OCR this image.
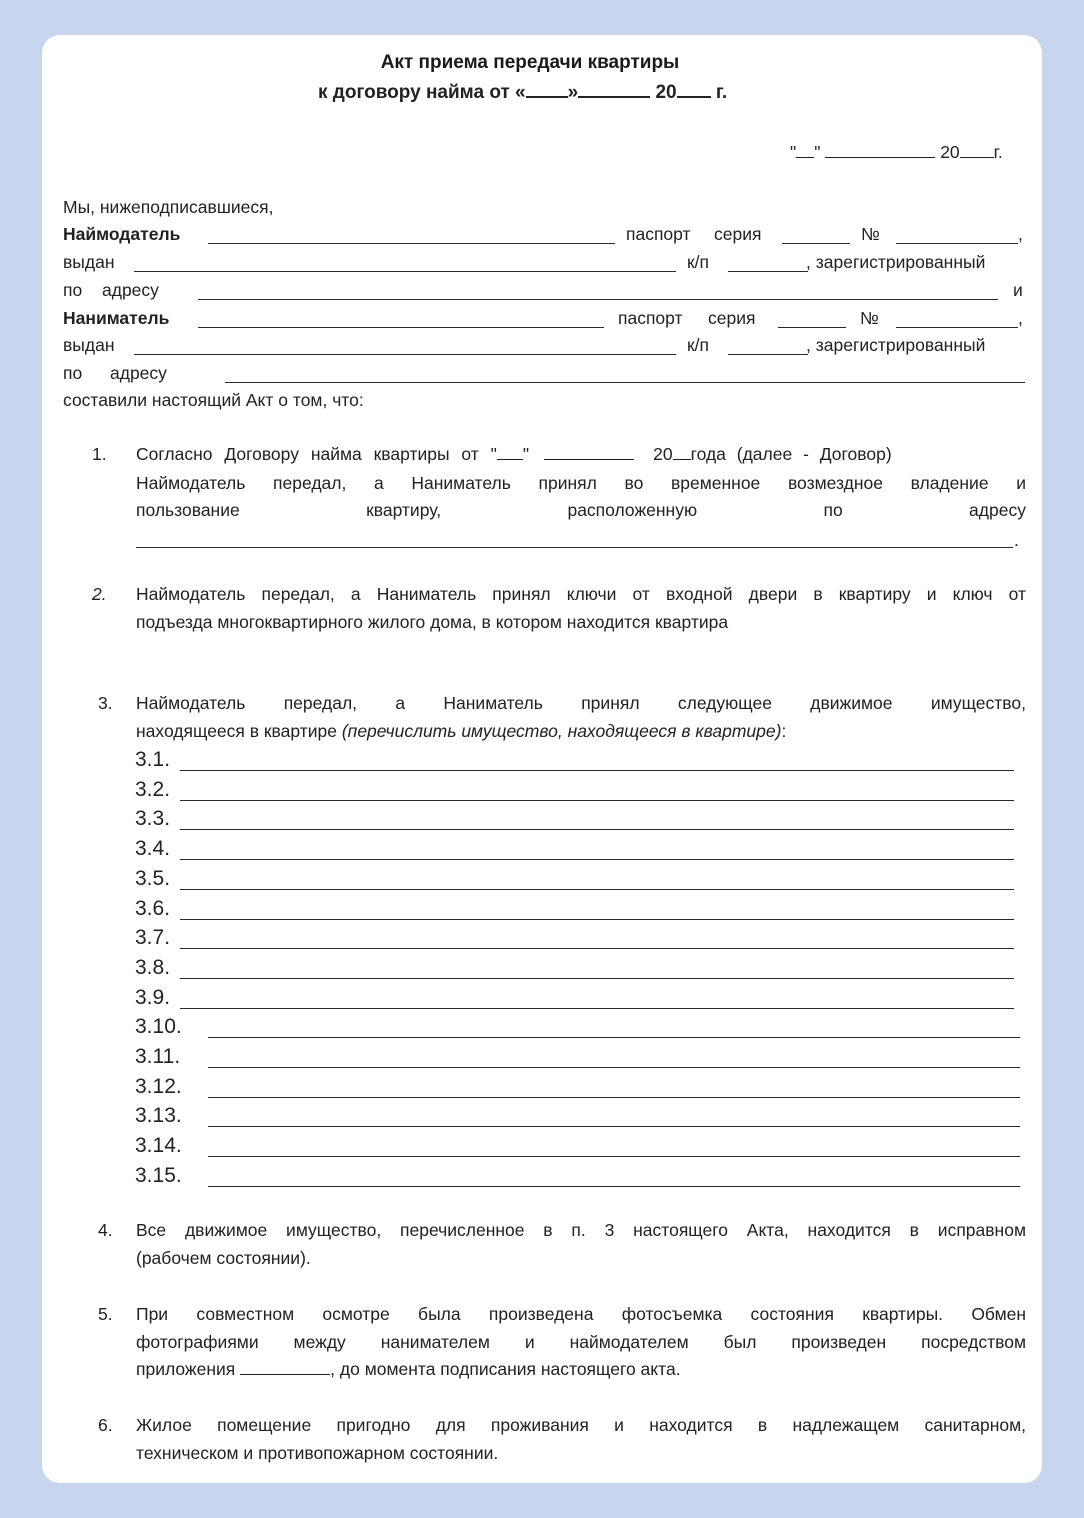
Акт приема передачи квартиры
к договору найма от « »	20 г.
" "	20 г.
Мы, нижеподписавшиеся,
Наймодатель	паспорт серия	№	,
выдан	к/п	, зарегистрированный
по адресу	и
Наниматель	паспорт серия	№	,
выдан	к/п	, зарегистрированный
по адресу
составили настоящий Акт о том, что:
1. Согласно Договору найма квартиры от " "	20 года (далее - Договор)
Наймодатель передал, а Наниматель принял во временное возмездное владение и
пользование	квартиру,	расположенную	по	адресу
.
2. Наймодатель передал, а Наниматель принял ключи от входной двери в квартиру и ключ от
подъезда многоквартирного жилого дома, в котором находится квартира
3. Наймодатель передал, а Наниматель принял следующее движимое имущество,
находящееся в квартире (перечислить имущество, находящееся в квартире):
3.1.
3.2.
3.3.
3.4.
3.5.
3.6.
3.7.
3.8.
3.9.
3.10.
3.11.
3.12.
3.13.
3.14.
3.15.
4. Все движимое имущество, перечисленное в п. 3 настоящего Акта, находится в исправном
(рабочем состоянии).
5. При совместном осмотре была произведена фотосъемка состояния квартиры. Обмен
фотографиями между нанимателем и наймодателем был произведен посредством
приложения	, до момента подписания настоящего акта.
6. Жилое помещение пригодно для проживания и находится в надлежащем санитарном,
техническом и противопожарном состоянии.
